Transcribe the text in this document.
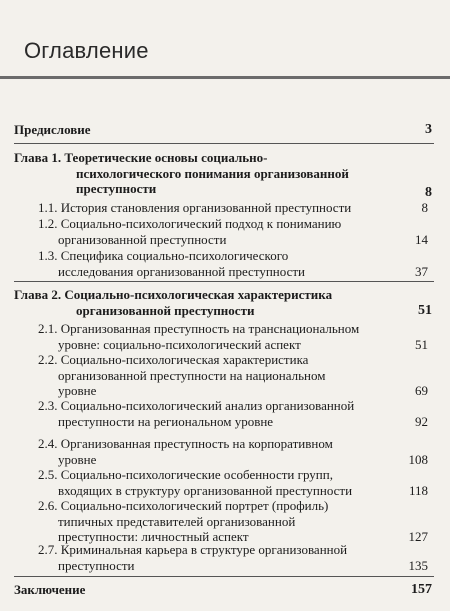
Оглавление
Предисловие	3
Глава 1. Теоретические основы социально-
психологического понимания организованной
преступности	8
1.1. История становления организованной преступности	8
1.2. Социально-психологический подход к пониманию
организованной преступности	14
1.3. Специфика социально-психологического
исследования организованной преступности	37
Глава 2. Социально-психологическая характеристика
организованной преступности	51
2.1. Организованная преступность на транснациональном
уровне: социально-психологический аспект	51
2.2. Социально-психологическая характеристика
организованной преступности на национальном
уровне	69
2.3. Социально-психологический анализ организованной
преступности на региональном уровне	92
2.4. Организованная преступность на корпоративном
уровне	108
2.5. Социально-психологические особенности групп,
входящих в структуру организованной преступности	118
2.6. Социально-психологический портрет (профиль)
типичных представителей организованной
преступности: личностный аспект	127
2.7. Криминальная карьера в структуре организованной
преступности	135
Заключение	157
